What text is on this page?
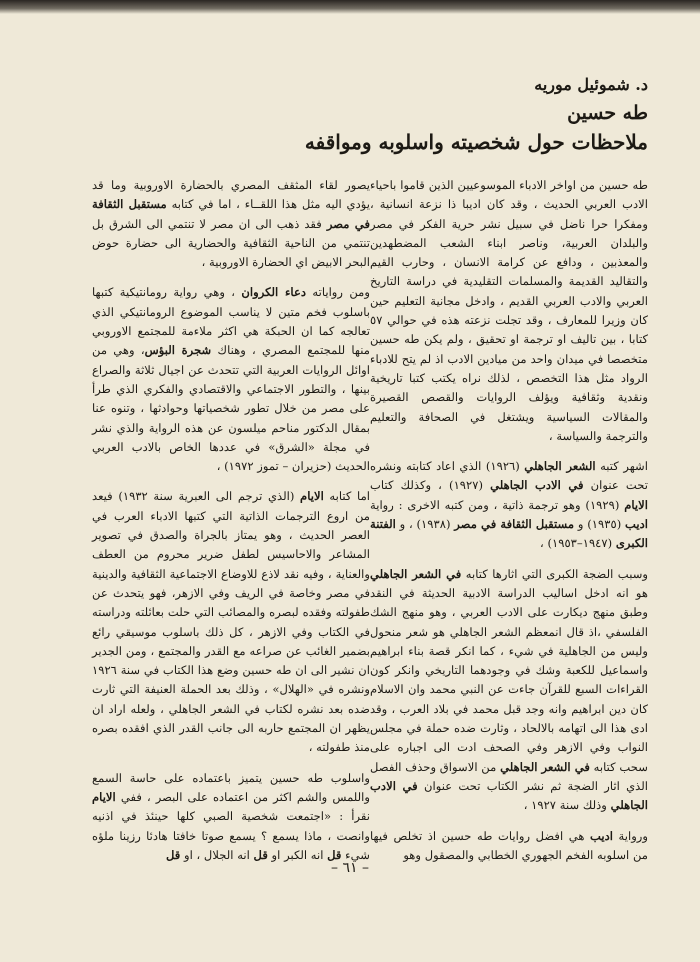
د. شموئيل موريه
طه حسين
ملاحظات حول شخصيته واسلوبه ومواقفه

طه حسين من اواخر الادباء الموسوعيين الذين قاموا باحياء الادب العربي الحديث ، وقد كان اديبا ذا نزعة انسانية ، ومفكرا حرا ناضل في سبيل نشر حرية الفكر في مصر والبلدان العربية، وناصر ابناء الشعب المضطهدين والمعذبين ، ودافع عن كرامة الانسان ، وحارب القيم والتقاليد القديمة والمسلمات التقليدية في دراسة التاريخ العربي والادب العربي القديم ، وادخل مجانية التعليم حين كان وزيرا للمعارف ، وقد تجلت نزعته هذه في حوالي ٥٧ كتابا ، بين تاليف او ترجمة او تحقيق ، ولم يكن طه حسين متخصصا في ميدان واحد من ميادين الادب اذ لم يتح للادباء الرواد مثل هذا التخصص ، لذلك نراه يكتب كتبا تاريخية ونقدية وثقافية ويؤلف الروايات والقصص القصيرة والمقالات السياسية ويشتغل في الصحافة والتعليم والترجمة والسياسة ،

اشهر كتبه الشعر الجاهلي (١٩٢٦) الذي اعاد كتابته ونشره تحت عنوان في الادب الجاهلي (١٩٢٧) ، وكذلك كتاب الايام (١٩٢٩) وهو ترجمة ذاتية ، ومن كتبه الاخرى : رواية اديب (١٩٣٥) و مستقبل الثقافة في مصر (١٩٣٨) ، و الفتنة الكبرى (١٩٤٧–١٩٥٣) ،

وسبب الضجة الكبرى التي اثارها كتابه في الشعر الجاهلي هو انه ادخل اساليب الدراسة الادبية الحديثة في النقد وطبق منهج ديكارت على الادب العربي ، وهو منهج الشك الفلسفي ،اذ قال انمعظم الشعر الجاهلي هو شعر منحول وليس من الجاهلية في شيء ، كما انكر قصة بناء ابراهيم واسماعيل للكعبة وشك في وجودهما التاريخي وانكر كون القراءات السبع للقرآن جاءت عن النبي محمد وان الاسلام كان دين ابراهيم وانه وجد قبل محمد في بلاد العرب ، وقد ادى هذا الى اتهامه بالالحاد ، وثارت ضده حملة في مجلس النواب وفي الازهر وفي الصحف ادت الى اجباره على سحب كتابه في الشعر الجاهلي من الاسواق وحذف الفصل الذي اثار الضجة ثم نشر الكتاب تحت عنوان في الادب الجاهلي وذلك سنة ١٩٢٧ ،

ورواية اديب هي افضل روايات طه حسين اذ تخلص فيها من اسلوبه الفخم الجهوري الخطابي والمصقول وهو

يصور لقاء المثقف المصري بالحضارة الاوروبية وما قد يؤدي اليه مثل هذا اللقــاء ، اما في كتابه مستقبل الثقافة في مصر فقد ذهب الى ان مصر لا تنتمي الى الشرق بل تنتمي من الناحية الثقافية والحضارية الى حضارة حوض البحر الابيض اي الحضارة الاوروبية ،

ومن رواياته دعاء الكروان ، وهي رواية رومانتيكية كتبها باسلوب فخم متين لا يناسب الموضوع الرومانتيكي الذي تعالجه كما ان الحبكة هي اكثر ملاءمة للمجتمع الاوروبي منها للمجتمع المصري ، وهناك شجرة البؤس، وهي من اوائل الروايات العربية التي تتحدث عن اجيال ثلاثة والصراع بينها ، والتطور الاجتماعي والاقتصادي والفكري الذي طرأ على مصر من خلال تطور شخصياتها وحوادثها ، وتنوه عنا بمقال الدكتور مناحم ميلسون عن هذه الرواية والذي نشر في مجلة «الشرق» في عددها الخاص بالادب العربي الحديث (حزيران – تموز ١٩٧٢) ،

اما كتابه الايام (الذي ترجم الى العبرية سنة ١٩٣٢) فيعد من اروع الترجمات الذاتية التي كتبها الادباء العرب في العصر الحديث ، وهو يمتاز بالجراة والصدق في تصوير المشاعر والاحاسيس لطفل ضرير محروم من العطف والعناية ، وفيه نقد لاذع للاوضاع الاجتماعية الثقافية والدينية في مصر وخاصة في الريف وفي الازهر، فهو يتحدث عن طفولته وفقده لبصره والمصائب التي حلت بعائلته ودراسته في الكتاب وفي الازهر ، كل ذلك باسلوب موسيقي رائع بضمير الغائب عن صراعه مع القدر والمجتمع ، ومن الجدير ان نشير الى ان طه حسين وضع هذا الكتاب في سنة ١٩٢٦ ونشره في «الهلال» ، وذلك بعد الحملة العنيفة التي ثارت ضده بعد نشره لكتاب في الشعر الجاهلي ، ولعله اراد ان يظهر ان المجتمع حاربه الى جانب القدر الذي افقده بصره منذ طفولته ،

واسلوب طه حسين يتميز باعتماده على حاسة السمع واللمس والشم اكثر من اعتماده على البصر ، ففي الايام نقرأ : «اجتمعت شخصية الصبي كلها حينئذ في اذنيه وانصت ، ماذا يسمع ؟ يسمع صوتا خافتا هادئا رزينا ملؤه شيء قل انه الكبر او قل انه الجلال ، او قل

– ٦١ –
